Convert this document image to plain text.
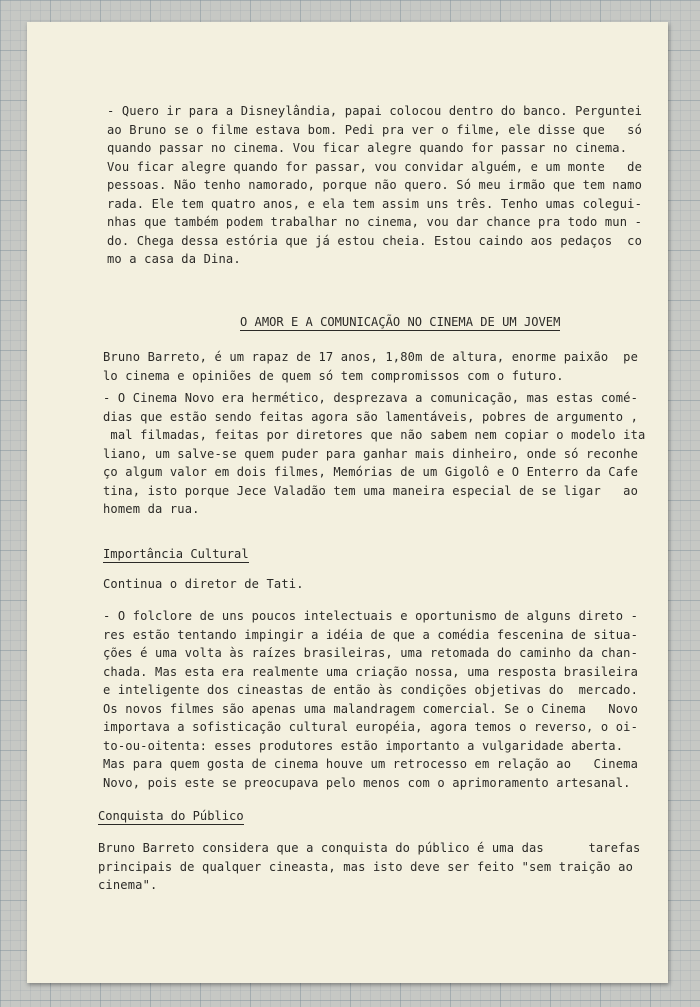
- Quero ir para a Disneylândia, papai colocou dentro do banco. Perguntei
ao Bruno se o filme estava bom. Pedi pra ver o filme, ele disse que   só
quando passar no cinema. Vou ficar alegre quando for passar no cinema.
Vou ficar alegre quando for passar, vou convidar alguém, e um monte   de
pessoas. Não tenho namorado, porque não quero. Só meu irmão que tem namo
rada. Ele tem quatro anos, e ela tem assim uns três. Tenho umas colegui-
nhas que também podem trabalhar no cinema, vou dar chance pra todo mun -
do. Chega dessa estória que já estou cheia. Estou caindo aos pedaços  co
mo a casa da Dina.
O AMOR E A COMUNICAÇÃO NO CINEMA DE UM JOVEM
Bruno Barreto, é um rapaz de 17 anos, 1,80m de altura, enorme paixão  pe
lo cinema e opiniões de quem só tem compromissos com o futuro.
- O Cinema Novo era hermético, desprezava a comunicação, mas estas comé-
dias que estão sendo feitas agora são lamentáveis, pobres de argumento ,
mal filmadas, feitas por diretores que não sabem nem copiar o modelo ita
liano, um salve-se quem puder para ganhar mais dinheiro, onde só reconhe
ço algum valor em dois filmes, Memórias de um Gigolô e O Enterro da Cafe
tina, isto porque Jece Valadão tem uma maneira especial de se ligar   ao
homem da rua.
Importância Cultural
Continua o diretor de Tati.
- O folclore de uns poucos intelectuais e oportunismo de alguns direto -
res estão tentando impingir a idéia de que a comédia fescenina de situa-
ções é uma volta às raízes brasileiras, uma retomada do caminho da chan-
chada. Mas esta era realmente uma criação nossa, uma resposta brasileira
e inteligente dos cineastas de então às condições objetivas do  mercado.
Os novos filmes são apenas uma malandragem comercial. Se o Cinema   Novo
importava a sofisticação cultural européia, agora temos o reverso, o oi-
to-ou-oitenta: esses produtores estão importanto a vulgaridade aberta.
Mas para quem gosta de cinema houve um retrocesso em relação ao   Cinema
Novo, pois este se preocupava pelo menos com o aprimoramento artesanal.
Conquista do Público
Bruno Barreto considera que a conquista do público é uma das      tarefas
principais de qualquer cineasta, mas isto deve ser feito "sem traição ao
cinema".
